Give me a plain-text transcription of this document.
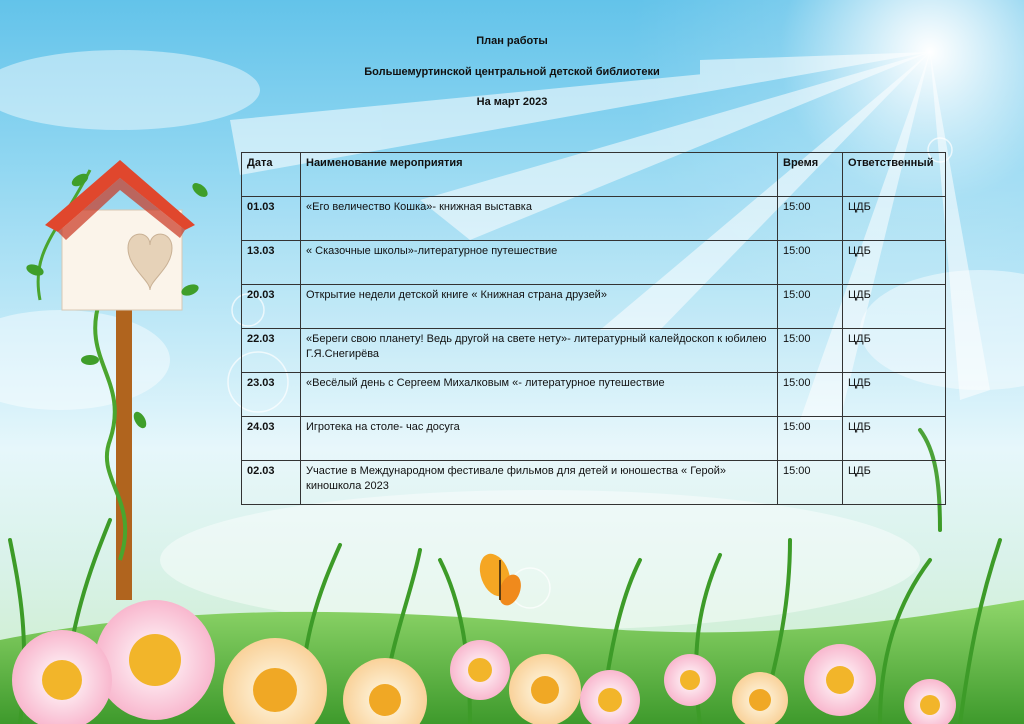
План работы
Большемуртинской центральной детской библиотеки
На март 2023
Дата	Наименование мероприятия	Время	Ответственный
01.03	«Его величество Кошка»- книжная выставка	15:00	ЦДБ
13.03	« Сказочные школы»-литературное путешествие	15:00	ЦДБ
20.03	Открытие недели детской книге « Книжная страна друзей»	15:00	ЦДБ
22.03	«Береги свою планету! Ведь другой на свете нету»- литературный калейдоскоп к юбилею Г.Я.Снегирёва	15:00	ЦДБ
23.03	«Весёлый день с Сергеем Михалковым «- литературное путешествие	15:00	ЦДБ
24.03	Игротека на столе- час досуга	15:00	ЦДБ
02.03	Участие в Международном фестивале фильмов для детей и юношества « Герой» киношкола 2023	15:00	ЦДБ
